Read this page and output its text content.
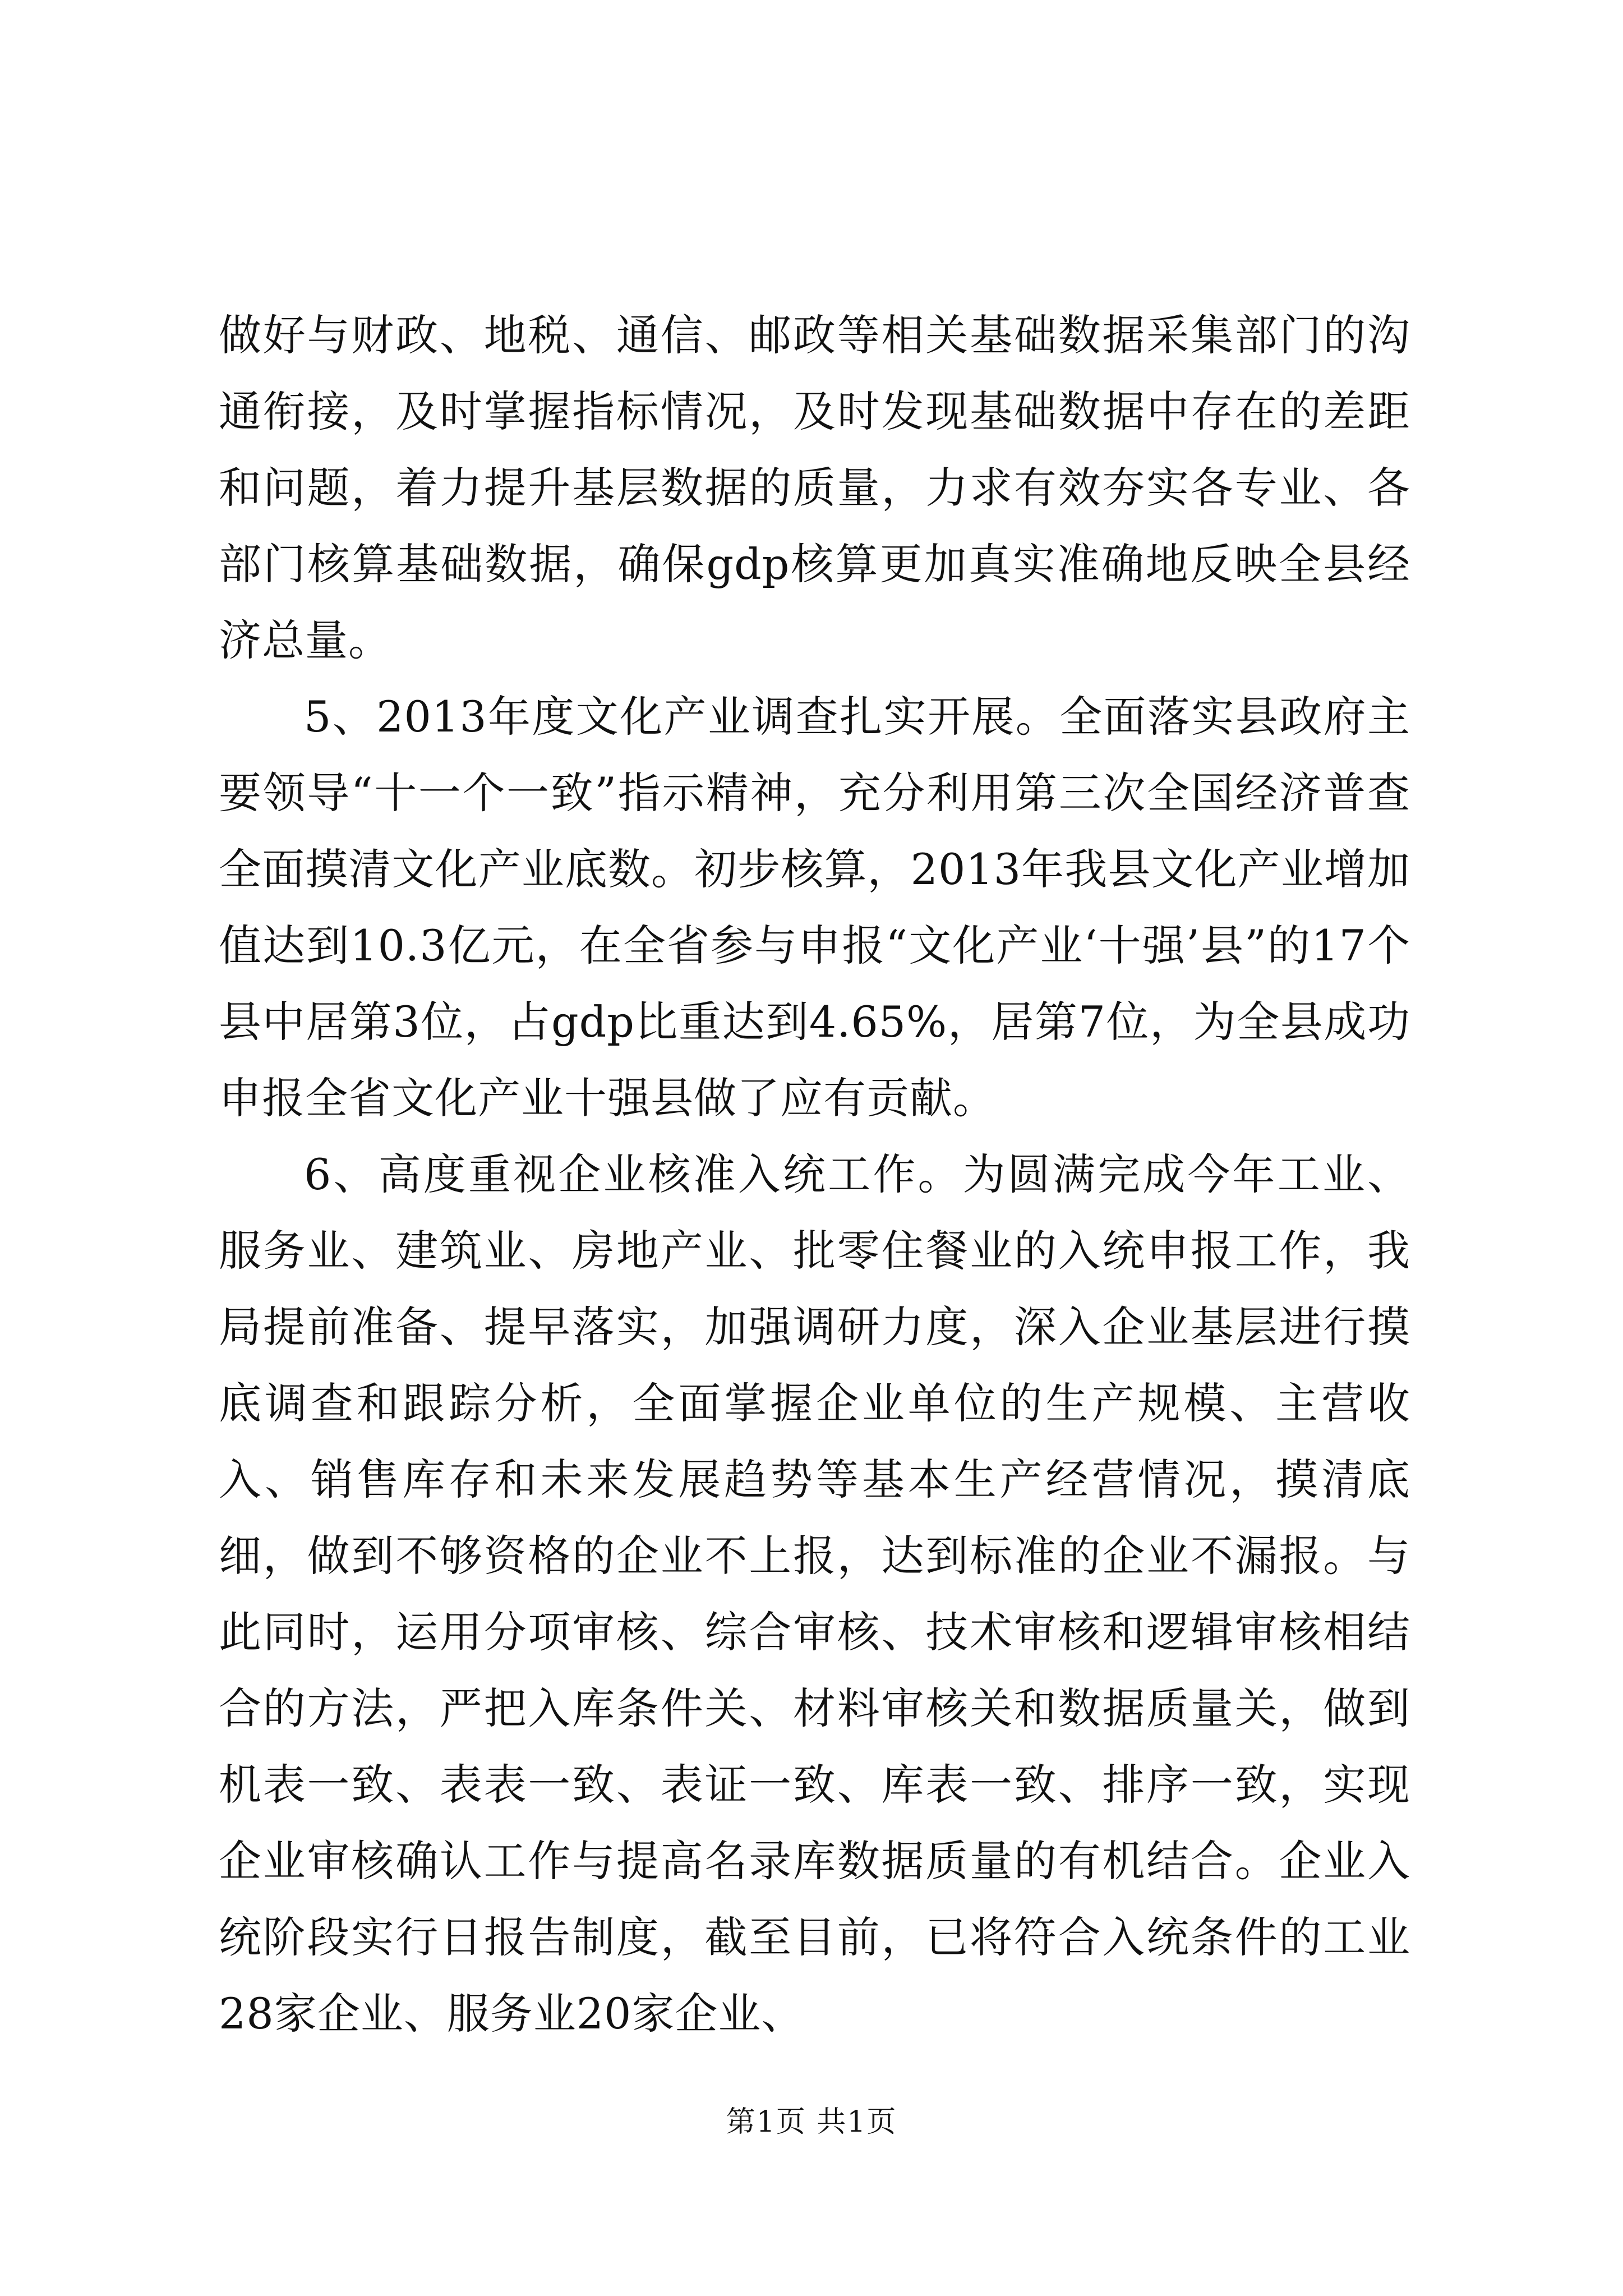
做好与财政、地税、通信、邮政等相关基础数据采集部门的沟通衔接，及时掌握指标情况，及时发现基础数据中存在的差距和问题，着力提升基层数据的质量，力求有效夯实各专业、各部门核算基础数据，确保gdp核算更加真实准确地反映全县经济总量。

5、2013年度文化产业调查扎实开展。全面落实县政府主要领导“十一个一致”指示精神，充分利用第三次全国经济普查全面摸清文化产业底数。初步核算，2013年我县文化产业增加值达到10.3亿元，在全省参与申报“文化产业‘十强’县”的17个县中居第3位，占gdp比重达到4.65%，居第7位，为全县成功申报全省文化产业十强县做了应有贡献。

6、高度重视企业核准入统工作。为圆满完成今年工业、服务业、建筑业、房地产业、批零住餐业的入统申报工作，我局提前准备、提早落实，加强调研力度，深入企业基层进行摸底调查和跟踪分析，全面掌握企业单位的生产规模、主营收入、销售库存和未来发展趋势等基本生产经营情况，摸清底细，做到不够资格的企业不上报，达到标准的企业不漏报。与此同时，运用分项审核、综合审核、技术审核和逻辑审核相结合的方法，严把入库条件关、材料审核关和数据质量关，做到机表一致、表表一致、表证一致、库表一致、排序一致，实现企业审核确认工作与提高名录库数据质量的有机结合。企业入统阶段实行日报告制度，截至目前，已将符合入统条件的工业28家企业、服务业20家企业、

第1页 共1页
